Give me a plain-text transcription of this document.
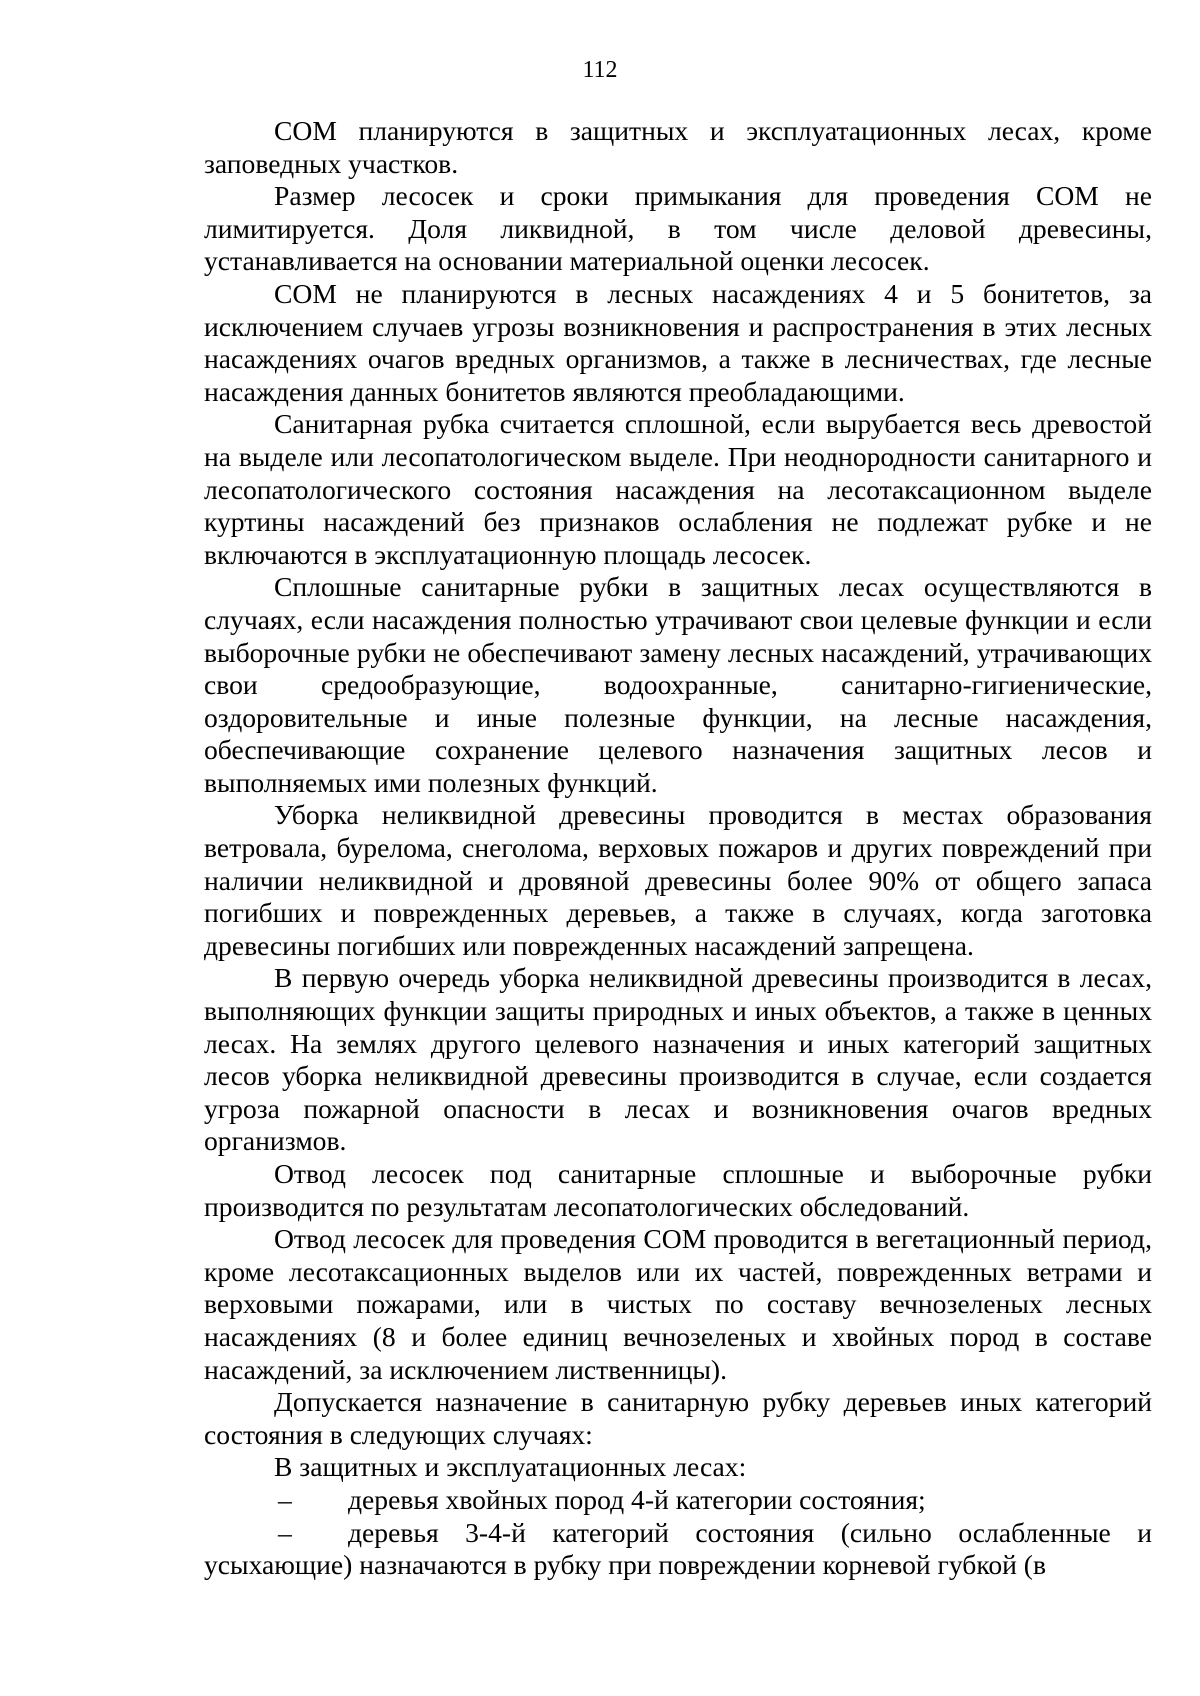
112

СОМ планируются в защитных и эксплуатационных лесах, кроме заповедных участков.

Размер лесосек и сроки примыкания для проведения СОМ не лимитируется. Доля ликвидной, в том числе деловой древесины, устанавливается на основании материальной оценки лесосек.

СОМ не планируются в лесных насаждениях 4 и 5 бонитетов, за исключением случаев угрозы возникновения и распространения в этих лесных насаждениях очагов вредных организмов, а также в лесничествах, где лесные насаждения данных бонитетов являются преобладающими.

Санитарная рубка считается сплошной, если вырубается весь древостой на выделе или лесопатологическом выделе. При неоднородности санитарного и лесопатологического состояния насаждения на лесотаксационном выделе куртины насаждений без признаков ослабления не подлежат рубке и не включаются в эксплуатационную площадь лесосек.

Сплошные санитарные рубки в защитных лесах осуществляются в случаях, если насаждения полностью утрачивают свои целевые функции и если выборочные рубки не обеспечивают замену лесных насаждений, утрачивающих свои средообразующие, водоохранные, санитарно-гигиенические, оздоровительные и иные полезные функции, на лесные насаждения, обеспечивающие сохранение целевого назначения защитных лесов и выполняемых ими полезных функций.

Уборка неликвидной древесины проводится в местах образования ветровала, бурелома, снеголома, верховых пожаров и других повреждений при наличии неликвидной и дровяной древесины более 90% от общего запаса погибших и поврежденных деревьев, а также в случаях, когда заготовка древесины погибших или поврежденных насаждений запрещена.

В первую очередь уборка неликвидной древесины производится в лесах, выполняющих функции защиты природных и иных объектов, а также в ценных лесах. На землях другого целевого назначения и иных категорий защитных лесов уборка неликвидной древесины производится в случае, если создается угроза пожарной опасности в лесах и возникновения очагов вредных организмов.

Отвод лесосек под санитарные сплошные и выборочные рубки производится по результатам лесопатологических обследований.

Отвод лесосек для проведения СОМ проводится в вегетационный период, кроме лесотаксационных выделов или их частей, поврежденных ветрами и верховыми пожарами, или в чистых по составу вечнозеленых лесных насаждениях (8 и более единиц вечнозеленых и хвойных пород в составе насаждений, за исключением лиственницы).

Допускается назначение в санитарную рубку деревьев иных категорий состояния в следующих случаях:

В защитных и эксплуатационных лесах:

– деревья хвойных пород 4-й категории состояния;

– деревья 3-4-й категорий состояния (сильно ослабленные и усыхающие) назначаются в рубку при повреждении корневой губкой (в
